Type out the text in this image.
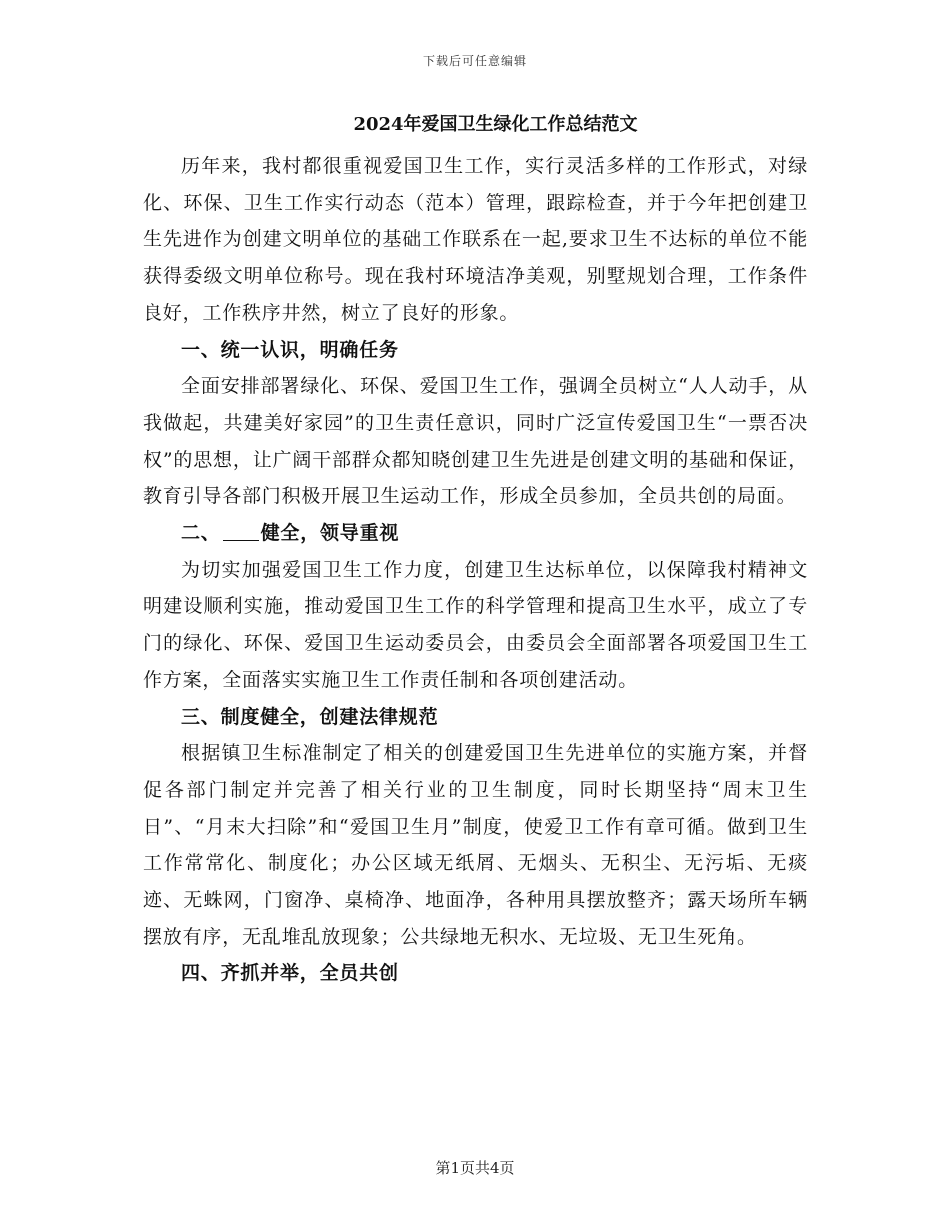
下载后可任意编辑
2024年爱国卫生绿化工作总结范文

历年来，我村都很重视爱国卫生工作，实行灵活多样的工作形式，对绿化、环保、卫生工作实行动态（范本）管理，跟踪检查，并于今年把创建卫生先进作为创建文明单位的基础工作联系在一起,要求卫生不达标的单位不能获得委级文明单位称号。现在我村环境洁净美观，别墅规划合理，工作条件良好，工作秩序井然，树立了良好的形象。

一、统一认识，明确任务

全面安排部署绿化、环保、爱国卫生工作，强调全员树立“人人动手，从我做起，共建美好家园”的卫生责任意识，同时广泛宣传爱国卫生“一票否决权”的思想，让广阔干部群众都知晓创建卫生先进是创建文明的基础和保证，教育引导各部门积极开展卫生运动工作，形成全员参加，全员共创的局面。

二、 健全，领导重视

为切实加强爱国卫生工作力度，创建卫生达标单位，以保障我村精神文明建设顺利实施，推动爱国卫生工作的科学管理和提高卫生水平，成立了专门的绿化、环保、爱国卫生运动委员会，由委员会全面部署各项爱国卫生工作方案，全面落实实施卫生工作责任制和各项创建活动。

三、制度健全，创建法律规范

根据镇卫生标准制定了相关的创建爱国卫生先进单位的实施方案，并督促各部门制定并完善了相关行业的卫生制度，同时长期坚持“周末卫生日”、“月末大扫除”和“爱国卫生月”制度，使爱卫工作有章可循。做到卫生工作常常化、制度化；办公区域无纸屑、无烟头、无积尘、无污垢、无痰迹、无蛛网，门窗净、桌椅净、地面净，各种用具摆放整齐；露天场所车辆摆放有序，无乱堆乱放现象；公共绿地无积水、无垃圾、无卫生死角。

四、齐抓并举，全员共创

第1页共4页
